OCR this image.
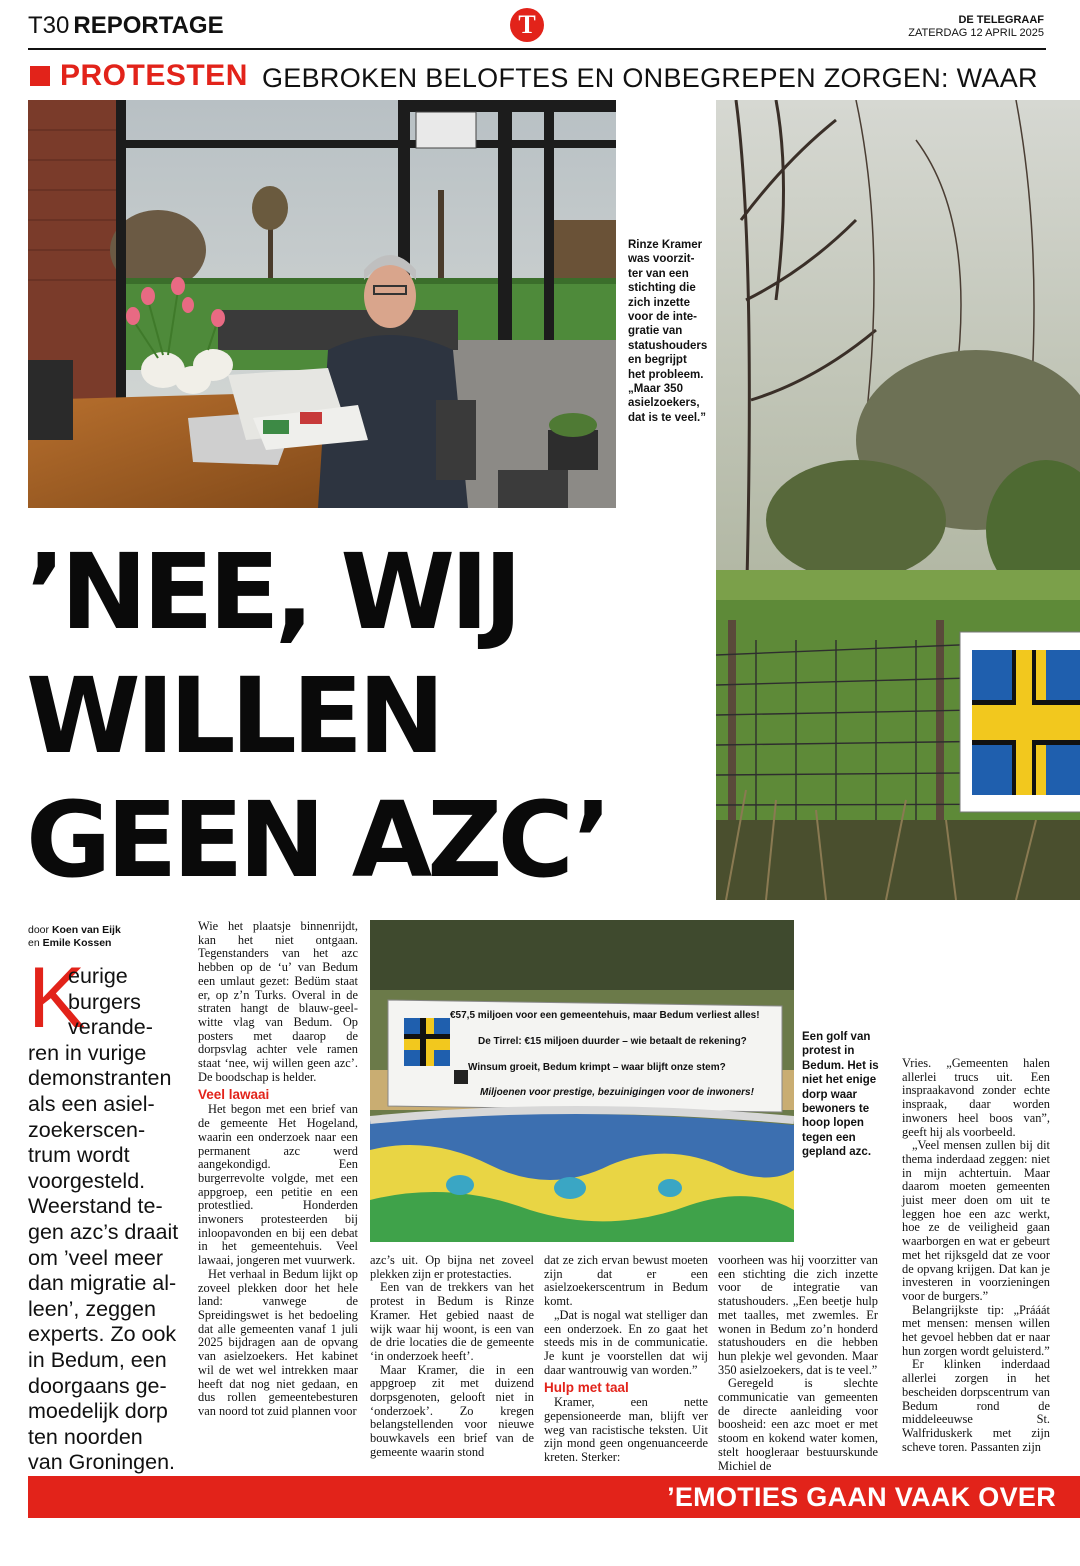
T30 REPORTAGE	T	DE TELEGRAAF
ZATERDAG 12 APRIL 2025
PROTESTEN GEBROKEN BELOFTES EN ONBEGREPEN ZORGEN: WAAR
€57,5 miljoen voor een gemeentehuis, maar Bedum verliest alles!
De Tirrel: €15 miljoen duurder – wie betaalt de rekening?
Winsum groeit, Bedum krimpt – waar blijft onze stem?
Miljoenen voor prestige, bezuinigingen voor de inwoners!
Rinze Kramer
was voorzit-
ter van een
stichting die
zich inzette
voor de inte-
gratie van
statushouders
en begrijpt
het probleem.
„Maar 350
asielzoekers,
dat is te veel.”
Een golf van
protest in
Bedum. Het is
niet het enige
dorp waar
bewoners te
hoop lopen
tegen een
gepland azc.
’NEE, WIJ
WILLEN
GEEN AZC’
door Koen van Eijk
en Emile Kossen
K
eurige
burgers
verande-
ren in vurige
demonstranten
als een asiel-
zoekerscen-
trum wordt
voorgesteld.
Weerstand te-
gen azc’s draait
om ’veel meer
dan migratie al-
leen’, zeggen
experts. Zo ook
in Bedum, een
doorgaans ge-
moedelijk dorp
ten noorden
van Groningen.

Wie het plaatsje binnenrijdt, kan het niet ontgaan. Tegenstanders van het azc hebben op de ‘u’ van Bedum een umlaut gezet: Bedüm staat er, op z’n Turks. Overal in de straten hangt de blauw-geel-witte vlag van Bedum. Op posters met daarop de dorpsvlag achter vele ramen staat ‘nee, wij willen geen azc’. De boodschap is helder.

Veel lawaai

Het begon met een brief van de gemeente Het Hogeland, waarin een onderzoek naar een permanent azc werd aangekondigd. Een burgerrevolte volgde, met een appgroep, een petitie en een protestlied. Honderden inwoners protesteerden bij inloopavonden en bij een debat in het gemeentehuis. Veel lawaai, jongeren met vuurwerk.

Het verhaal in Bedum lijkt op zoveel plekken door het hele land: vanwege de Spreidingswet is het bedoeling dat alle gemeenten vanaf 1 juli 2025 bijdragen aan de opvang van asielzoekers. Het kabinet wil de wet wel intrekken maar heeft dat nog niet gedaan, en dus rollen gemeentebesturen van noord tot zuid plannen voor

azc’s uit. Op bijna net zoveel plekken zijn er protestacties.

Een van de trekkers van het protest in Bedum is Rinze Kramer. Het gebied naast de wijk waar hij woont, is een van de drie locaties die de gemeente ‘in onderzoek heeft’.

Maar Kramer, die in een appgroep zit met duizend dorpsgenoten, gelooft niet in ‘onderzoek’. Zo kregen belangstellenden voor nieuwe bouwkavels een brief van de gemeente waarin stond

dat ze zich ervan bewust moeten zijn dat er een asielzoekerscentrum in Bedum komt.

„Dat is nogal wat stelliger dan een onderzoek. En zo gaat het steeds mis in de communicatie. Je kunt je voorstellen dat wij daar wantrouwig van worden.”

Hulp met taal

Kramer, een nette gepensioneerde man, blijft ver weg van racistische teksten. Uit zijn mond geen ongenuanceerde kreten. Sterker:

voorheen was hij voorzitter van een stichting die zich inzette voor de integratie van statushouders. „Een beetje hulp met taalles, met zwemles. Er wonen in Bedum zo’n honderd statushouders en die hebben hun plekje wel gevonden. Maar 350 asielzoekers, dat is te veel.”

Geregeld is slechte communicatie van gemeenten de directe aanleiding voor boosheid: een azc moet er met stoom en kokend water komen, stelt hoogleraar bestuurskunde Michiel de

Vries. „Gemeenten halen allerlei trucs uit. Een inspraakavond zonder echte inspraak, daar worden inwoners heel boos van”, geeft hij als voorbeeld.

„Veel mensen zullen bij dit thema inderdaad zeggen: niet in mijn achtertuin. Maar daarom moeten gemeenten juist meer doen om uit te leggen hoe een azc werkt, hoe ze de veiligheid gaan waarborgen en wat er gebeurt met het rijksgeld dat ze voor de opvang krijgen. Dat kan je investeren in voorzieningen voor de burgers.”

Belangrijkste tip: „Prááát met mensen: mensen willen het gevoel hebben dat er naar hun zorgen wordt geluisterd.”

Er klinken inderdaad allerlei zorgen in het bescheiden dorpscentrum van Bedum rond de middeleeuwse St. Walfriduskerk met zijn scheve toren. Passanten zijn

’EMOTIES GAAN VAAK OVER
